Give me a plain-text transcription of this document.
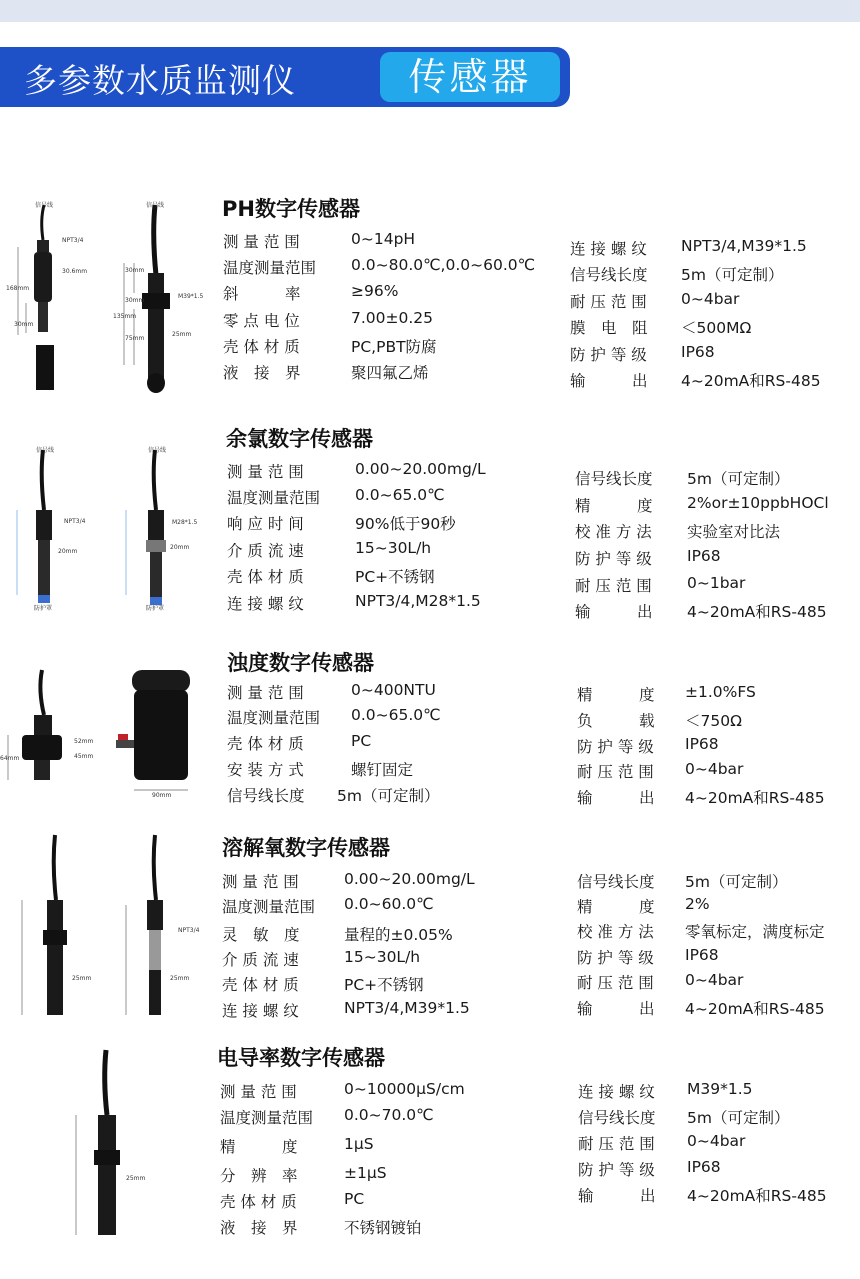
多参数水质监测仪	传感器
信号线
NPT3/4
30.6mm
168mm
30mm
信号线
30mm
M39*1.5
30mm
135mm
75mm
25mm
PH数字传感器
测 量 范 围	0~14pH
温度测量范围 0.0~80.0℃,0.0~60.0℃
斜　　　率	≥96%
零 点 电 位	7.00±0.25
壳 体 材 质	PC,PBT防腐
液　接　界	聚四氟乙烯
连 接 螺 纹 NPT3/4,M39*1.5
信号线长度 5m（可定制）
耐 压 范 围 0~4bar
膜　电　阻 ＜500MΩ
防 护 等 级 IP68
输　　　出 4~20mA和RS-485
信号线
NPT3/4
20mm
防护罩
信号线
M28*1.5
20mm
防护罩
余氯数字传感器
测 量 范 围	0.00~20.00mg/L
温度测量范围 0.0~65.0℃
响 应 时 间	90%低于90秒
介 质 流 速	15~30L/h
壳 体 材 质	PC+不锈钢
连 接 螺 纹	NPT3/4,M28*1.5
信号线长度 5m（可定制）
精　　　度 2%or±10ppbHOCl
校 准 方 法 实验室对比法
防 护 等 级 IP68
耐 压 范 围 0~1bar
输　　　出 4~20mA和RS-485
52mm
45mm
64mm
90mm
浊度数字传感器
测 量 范 围	0~400NTU
温度测量范围 0.0~65.0℃
壳 体 材 质	PC
安 装 方 式	螺钉固定
信号线长度 5m（可定制）
精　　　度 ±1.0%FS
负　　　载 ＜750Ω
防 护 等 级 IP68
耐 压 范 围 0~4bar
输　　　出 4~20mA和RS-485
NPT3/4
25mm	25mm
溶解氧数字传感器
测 量 范 围	0.00~20.00mg/L
温度测量范围 0.0~60.0℃
灵　敏　度	量程的±0.05%
介 质 流 速	15~30L/h
壳 体 材 质	PC+不锈钢
连 接 螺 纹	NPT3/4,M39*1.5
信号线长度 5m（可定制）
精　　　度 2%
校 准 方 法 零氧标定，满度标定
防 护 等 级 IP68
耐 压 范 围 0~4bar
输　　　出 4~20mA和RS-485
25mm
电导率数字传感器
测 量 范 围	0~10000μS/cm
温度测量范围 0.0~70.0℃
精　　　度	1μS
分　辨　率	±1μS
壳 体 材 质	PC
液　接　界	不锈钢镀铂
连 接 螺 纹 M39*1.5
信号线长度 5m（可定制）
耐 压 范 围 0~4bar
防 护 等 级 IP68
输　　　出 4~20mA和RS-485
